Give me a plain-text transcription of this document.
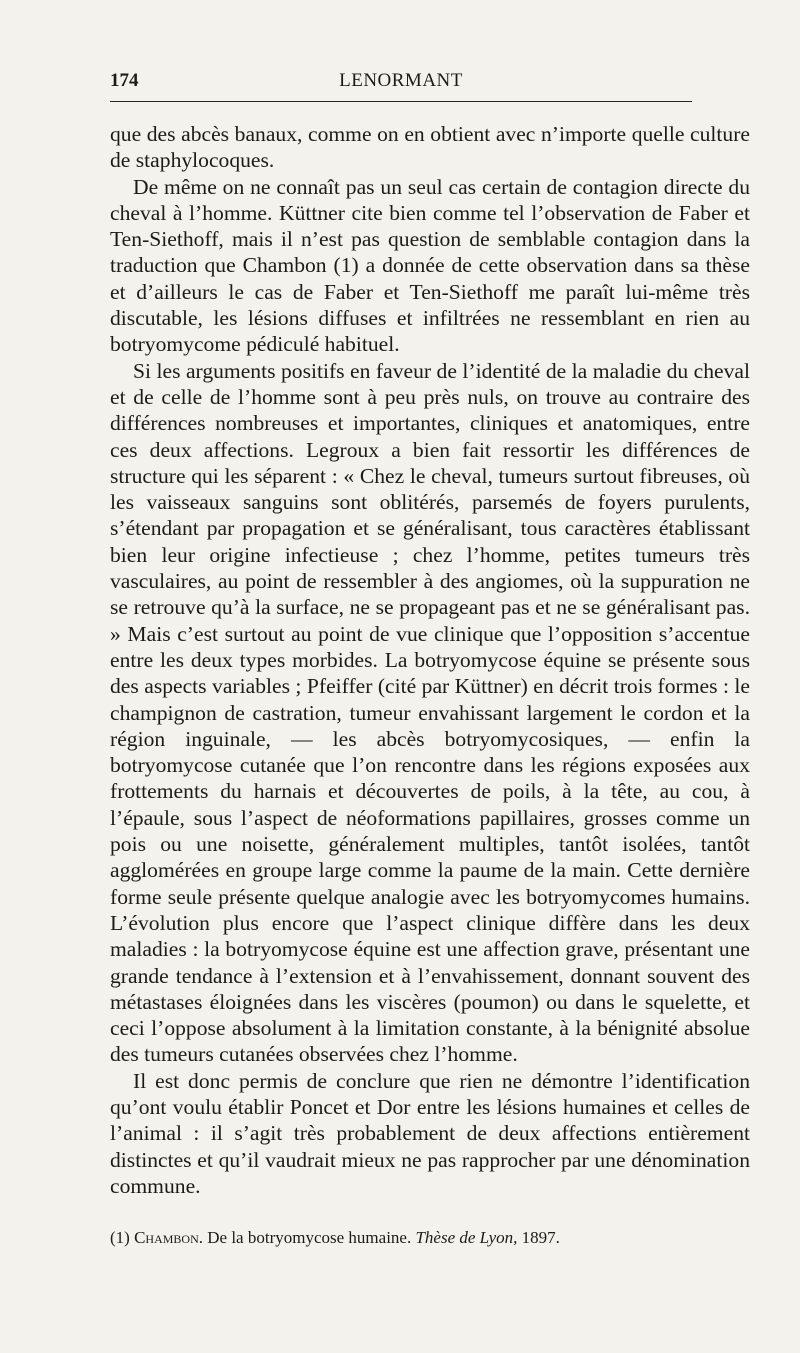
LENORMANT
174

que des abcès banaux, comme on en obtient avec n’importe quelle culture de staphylocoques.

De même on ne connaît pas un seul cas certain de contagion directe du cheval à l’homme. Küttner cite bien comme tel l’observation de Faber et Ten-Siethoff, mais il n’est pas question de semblable contagion dans la traduction que Chambon (1) a donnée de cette observation dans sa thèse et d’ailleurs le cas de Faber et Ten-Siethoff me paraît lui-même très discutable, les lésions diffuses et infiltrées ne ressemblant en rien au botryomycome pédiculé habituel.

Si les arguments positifs en faveur de l’identité de la maladie du cheval et de celle de l’homme sont à peu près nuls, on trouve au contraire des différences nombreuses et importantes, cliniques et anatomiques, entre ces deux affections. Legroux a bien fait ressortir les différences de structure qui les séparent : « Chez le cheval, tumeurs surtout fibreuses, où les vaisseaux sanguins sont oblitérés, parsemés de foyers purulents, s’étendant par propagation et se généralisant, tous caractères établissant bien leur origine infectieuse ; chez l’homme, petites tumeurs très vasculaires, au point de ressembler à des angiomes, où la suppuration ne se retrouve qu’à la surface, ne se propageant pas et ne se généralisant pas. » Mais c’est surtout au point de vue clinique que l’opposition s’accentue entre les deux types morbides. La botryomycose équine se présente sous des aspects variables ; Pfeiffer (cité par Küttner) en décrit trois formes : le champignon de castration, tumeur envahissant largement le cordon et la région inguinale, — les abcès botryomycosiques, — enfin la botryomycose cutanée que l’on rencontre dans les régions exposées aux frottements du harnais et découvertes de poils, à la tête, au cou, à l’épaule, sous l’aspect de néoformations papillaires, grosses comme un pois ou une noisette, généralement multiples, tantôt isolées, tantôt agglomérées en groupe large comme la paume de la main. Cette dernière forme seule présente quelque analogie avec les botryomycomes humains. L’évolution plus encore que l’aspect clinique diffère dans les deux maladies : la botryomycose équine est une affection grave, présentant une grande tendance à l’extension et à l’envahissement, donnant souvent des métastases éloignées dans les viscères (poumon) ou dans le squelette, et ceci l’oppose absolument à la limitation constante, à la bénignité absolue des tumeurs cutanées observées chez l’homme.

Il est donc permis de conclure que rien ne démontre l’identification qu’ont voulu établir Poncet et Dor entre les lésions humaines et celles de l’animal : il s’agit très probablement de deux affections entièrement distinctes et qu’il vaudrait mieux ne pas rapprocher par une dénomination commune.

(1) Chambon. De la botryomycose humaine. Thèse de Lyon, 1897.
